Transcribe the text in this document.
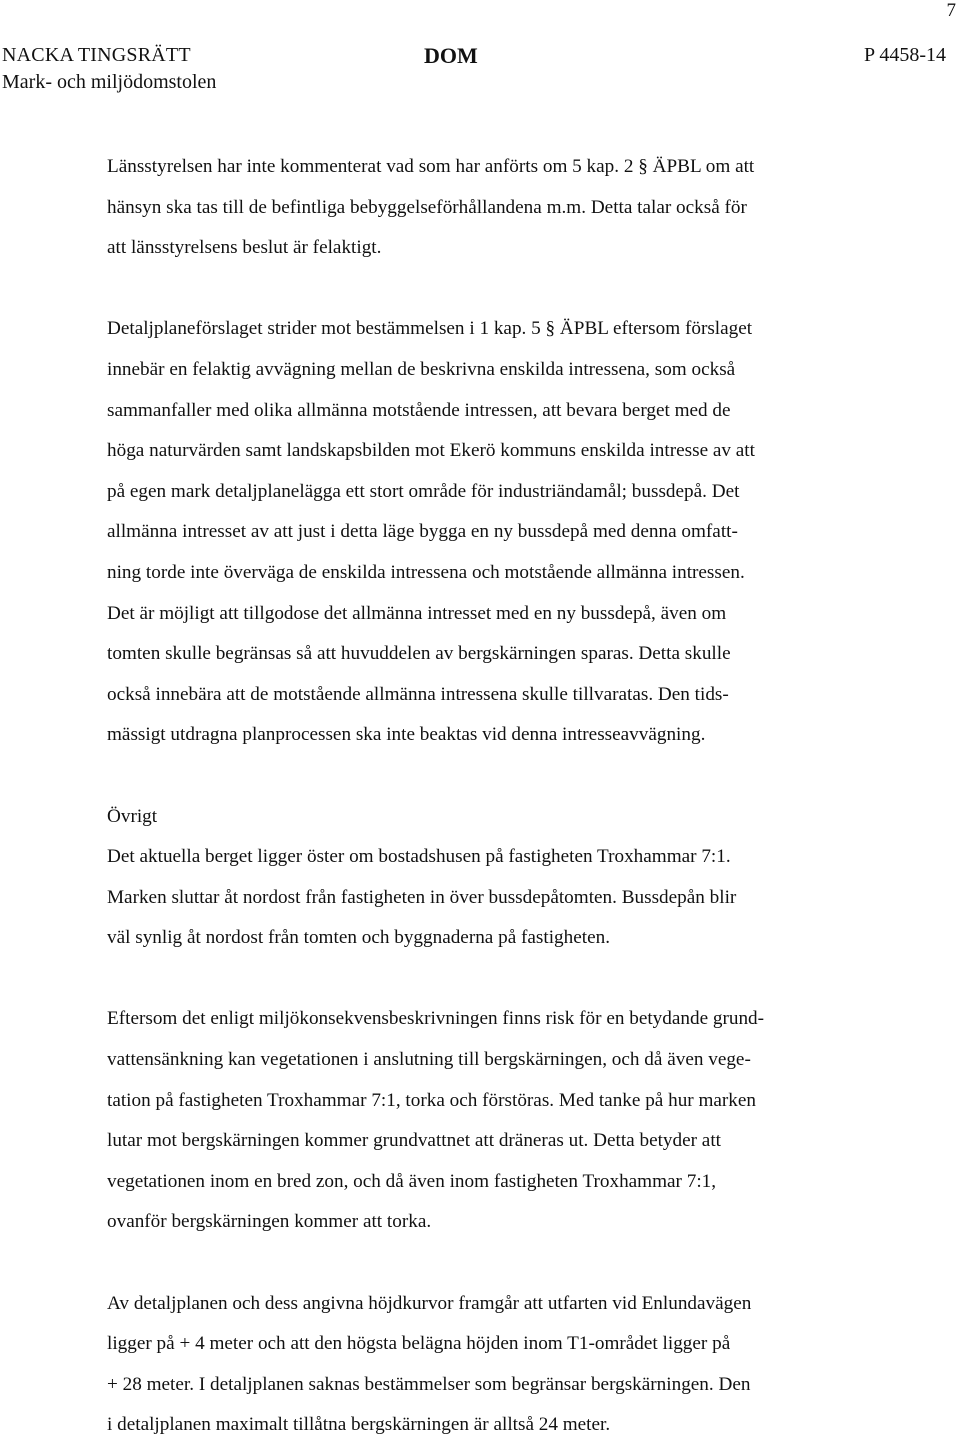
7
NACKA TINGSRÄTT
Mark- och miljödomstolen
DOM	P 4458-14

Länsstyrelsen har inte kommenterat vad som har anförts om 5 kap. 2 § ÄPBL om att

hänsyn ska tas till de befintliga bebyggelseförhållandena m.m. Detta talar också för

att länsstyrelsens beslut är felaktigt.

Detaljplaneförslaget strider mot bestämmelsen i 1 kap. 5 § ÄPBL eftersom förslaget

innebär en felaktig avvägning mellan de beskrivna enskilda intressena, som också

sammanfaller med olika allmänna motstående intressen, att bevara berget med de

höga naturvärden samt landskapsbilden mot Ekerö kommuns enskilda intresse av att

på egen mark detaljplanelägga ett stort område för industriändamål; bussdepå. Det

allmänna intresset av att just i detta läge bygga en ny bussdepå med denna omfatt-

ning torde inte överväga de enskilda intressena och motstående allmänna intressen.

Det är möjligt att tillgodose det allmänna intresset med en ny bussdepå, även om

tomten skulle begränsas så att huvuddelen av bergskärningen sparas. Detta skulle

också innebära att de motstående allmänna intressena skulle tillvaratas. Den tids-

mässigt utdragna planprocessen ska inte beaktas vid denna intresseavvägning.

Övrigt

Det aktuella berget ligger öster om bostadshusen på fastigheten Troxhammar 7:1.

Marken sluttar åt nordost från fastigheten in över bussdepåtomten. Bussdepån blir

väl synlig åt nordost från tomten och byggnaderna på fastigheten.

Eftersom det enligt miljökonsekvensbeskrivningen finns risk för en betydande grund-

vattensänkning kan vegetationen i anslutning till bergskärningen, och då även vege-

tation på fastigheten Troxhammar 7:1, torka och förstöras. Med tanke på hur marken

lutar mot bergskärningen kommer grundvattnet att dräneras ut. Detta betyder att

vegetationen inom en bred zon, och då även inom fastigheten Troxhammar 7:1,

ovanför bergskärningen kommer att torka.

Av detaljplanen och dess angivna höjdkurvor framgår att utfarten vid Enlundavägen

ligger på + 4 meter och att den högsta belägna höjden inom T1-området ligger på

+ 28 meter. I detaljplanen saknas bestämmelser som begränsar bergskärningen. Den

i detaljplanen maximalt tillåtna bergskärningen är alltså 24 meter.
